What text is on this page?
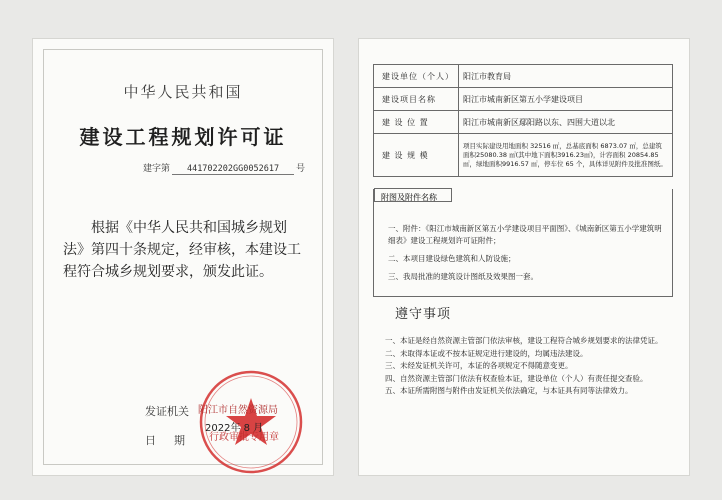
中华人民共和国
建设工程规划许可证
建字第 441702202GG0052617 号
根据《中华人民共和国城乡规划法》第四十条规定，经审核，本建设工程符合城乡规划要求，颁发此证。
发证机关
日期
阳江市自然资源局
2022年 8 月
行政审批专用章
建设单位（个人）	阳江市教育局
建设项目名称	阳江市城南新区第五小学建设项目
建 设 位 置	阳江市城南新区鄢阳路以东、四围大道以北
建 设 规 模	项目实际建设用地面积 32516 ㎡，总基底面积 6873.07 ㎡，总建筑面积25080.38 ㎡(其中地下面积3916.23㎡)，计容面积 20854.85 ㎡，绿地面积9916.57 ㎡，停车位 65 个，具体详见附件及批准图纸。
附图及附件名称
一、附件：《阳江市城南新区第五小学建设项目平面图》、《城南新区第五小学建筑明细表》建设工程规划许可证附件；
二、本项目建设绿色建筑和人防设施；
三、我局批准的建筑设计图纸及效果图一套。
遵守事项
一、本证是经自然资源主管部门依法审核，建设工程符合城乡规划要求的法律凭证。
二、未取得本证或不按本证规定进行建设的，均属违法建设。
三、未经发证机关许可，本证的各项规定不得随意变更。
四、自然资源主管部门依法有权查验本证，建设单位（个人）有责任提交查验。
五、本证所需附图与附件由发证机关依法确定，与本证具有同等法律效力。
